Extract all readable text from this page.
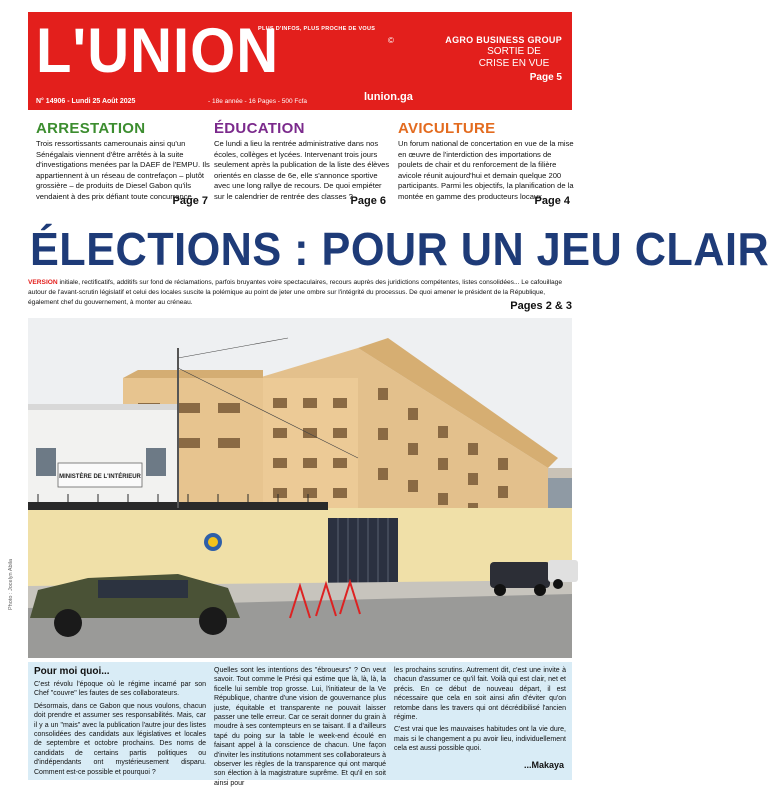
L'UNION	©
PLUS D'INFOS, PLUS PROCHE DE VOUS
lunion.ga
N° 14906 - Lundi 25 Août 2025	- 18e année - 16 Pages - 500 Fcfa
AGRO BUSINESS GROUP
SORTIE DE CRISE EN VUE
Page 5
ARRESTATION

Trois ressortissants camerounais ainsi qu'un Sénégalais viennent d'être arrêtés à la suite d'investigations menées par la DAEF de l'EMPU. Ils appartiennent à un réseau de contrefaçon – plutôt grossière – de produits de Diesel Gabon qu'ils vendaient à des prix défiant toute concurrence.

Page 7
ÉDUCATION

Ce lundi a lieu la rentrée administrative dans nos écoles, collèges et lycées. Intervenant trois jours seulement après la publication de la liste des élèves orientés en classe de 6e, elle s'annonce sportive avec une long rallye de recours. De quoi empiéter sur le calendrier de rentrée des classes ?

Page 6
AVICULTURE

Un forum national de concertation en vue de la mise en œuvre de l'interdiction des importations de poulets de chair et du renforcement de la filière avicole réunit aujourd'hui et demain quelque 200 participants. Parmi les objectifs, la planification de la montée en gamme des producteurs locaux.

Page 4
ÉLECTIONS : POUR UN JEU CLAIR
VERSION initiale, rectificatifs, additifs sur fond de réclamations, parfois bruyantes voire spectaculaires, recours auprès des juridictions compétentes, listes consolidées... Le cafouillage autour de l'avant-scrutin législatif et celui des locales suscite la polémique au point de jeter une ombre sur l'intégrité du processus. De quoi amener le président de la République, également chef du gouvernement, à monter au créneau.	Pages 2 & 3
MINISTÈRE DE L'INTÉRIEUR
Photo : Jocelyn Abila
Pour moi quoi...

C'est révolu l'époque où le régime incarné par son Chef "couvre" les fautes de ses collaborateurs.

Désormais, dans ce Gabon que nous voulons, chacun doit prendre et assumer ses responsabilités. Mais, car il y a un "mais" avec la publication l'autre jour des listes consolidées des candidats aux législatives et locales de septembre et octobre prochains. Des noms de candidats de certains partis politiques ou d'indépendants ont mystérieusement disparu. Comment est-ce possible et pourquoi ?

Quelles sont les intentions des "ébroueurs" ? On veut savoir. Tout comme le Prési qui estime que là, là, là, la ficelle lui semble trop grosse. Lui, l'initiateur de la Ve République, chantre d'une vision de gouvernance plus juste, équitable et transparente ne pouvait laisser passer une telle erreur. Car ce serait donner du grain à moudre à ses contempteurs en se taisant. Il a d'ailleurs tapé du poing sur la table le week-end écoulé en faisant appel à la conscience de chacun. Une façon d'inviter les institutions notamment ses collaborateurs à observer les règles de la transparence qui ont marqué son élection à la magistrature suprême. Et qu'il en soit ainsi pour

les prochains scrutins. Autrement dit, c'est une invite à chacun d'assumer ce qu'il fait. Voilà qui est clair, net et précis. En ce début de nouveau départ, il est nécessaire que cela en soit ainsi afin d'éviter qu'on retombe dans les travers qui ont décrédibilisé l'ancien régime.

C'est vrai que les mauvaises habitudes ont la vie dure, mais si le changement a pu avoir lieu, individuellement cela est aussi possible quoi.

...Makaya
